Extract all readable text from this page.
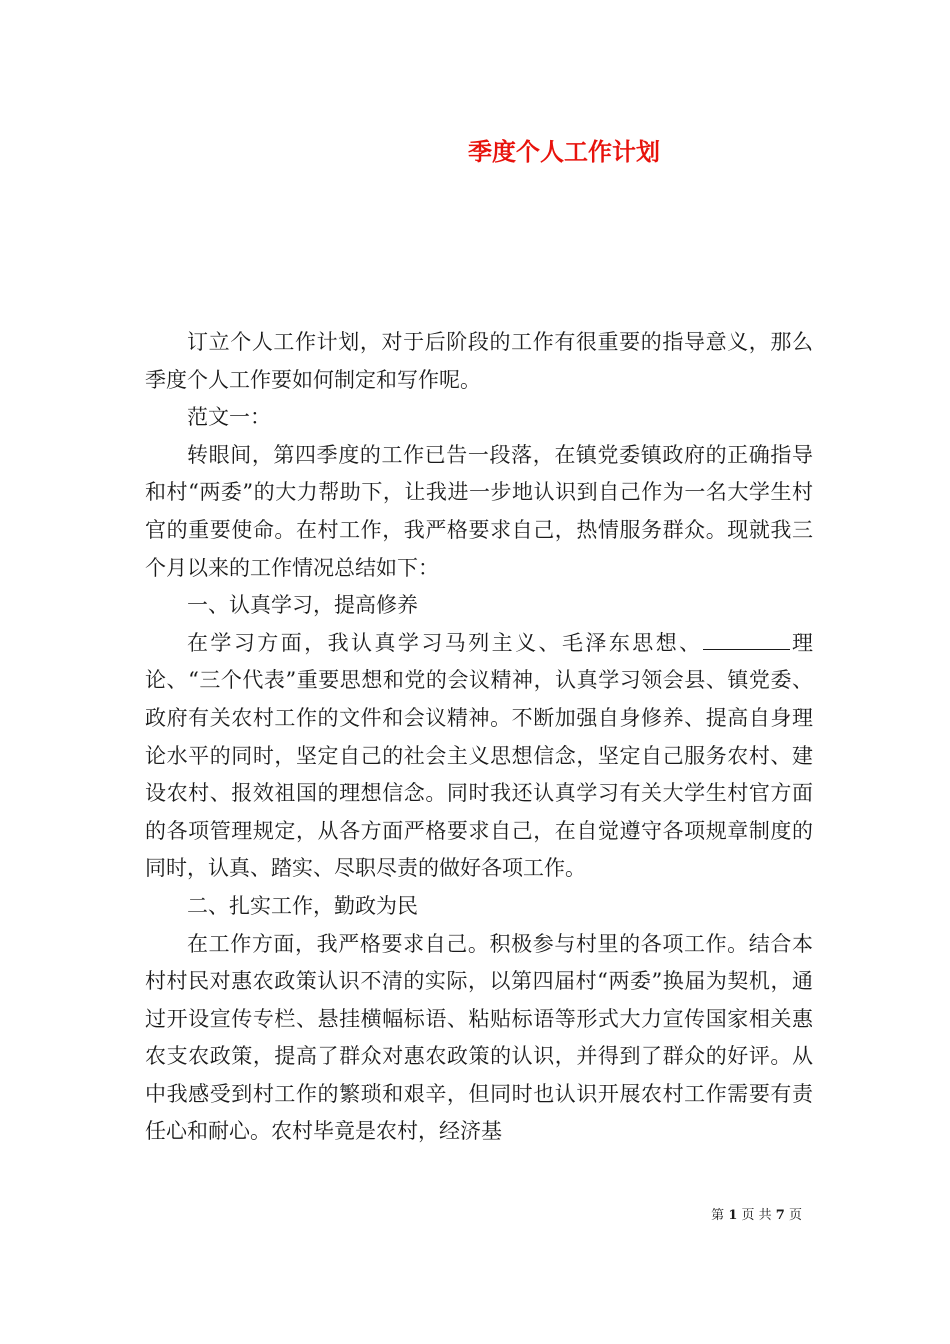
季度个人工作计划

订立个人工作计划，对于后阶段的工作有很重要的指导意义，那么季度个人工作要如何制定和写作呢。

范文一：

转眼间，第四季度的工作已告一段落，在镇党委镇政府的正确指导和村“两委”的大力帮助下，让我进一步地认识到自己作为一名大学生村官的重要使命。在村工作，我严格要求自己，热情服务群众。现就我三个月以来的工作情况总结如下：

一、认真学习，提高修养

在学习方面，我认真学习马列主义、毛泽东思想、	理论、“三个代表”重要思想和党的会议精神，认真学习领会县、镇党委、政府有关农村工作的文件和会议精神。不断加强自身修养、提高自身理论水平的同时，坚定自己的社会主义思想信念，坚定自己服务农村、建设农村、报效祖国的理想信念。同时我还认真学习有关大学生村官方面的各项管理规定，从各方面严格要求自己，在自觉遵守各项规章制度的同时，认真、踏实、尽职尽责的做好各项工作。

二、扎实工作，勤政为民

在工作方面，我严格要求自己。积极参与村里的各项工作。结合本村村民对惠农政策认识不清的实际，以第四届村“两委”换届为契机，通过开设宣传专栏、悬挂横幅标语、粘贴标语等形式大力宣传国家相关惠农支农政策，提高了群众对惠农政策的认识，并得到了群众的好评。从中我感受到村工作的繁琐和艰辛，但同时也认识开展农村工作需要有责任心和耐心。农村毕竟是农村，经济基

第 1 页 共 7 页
